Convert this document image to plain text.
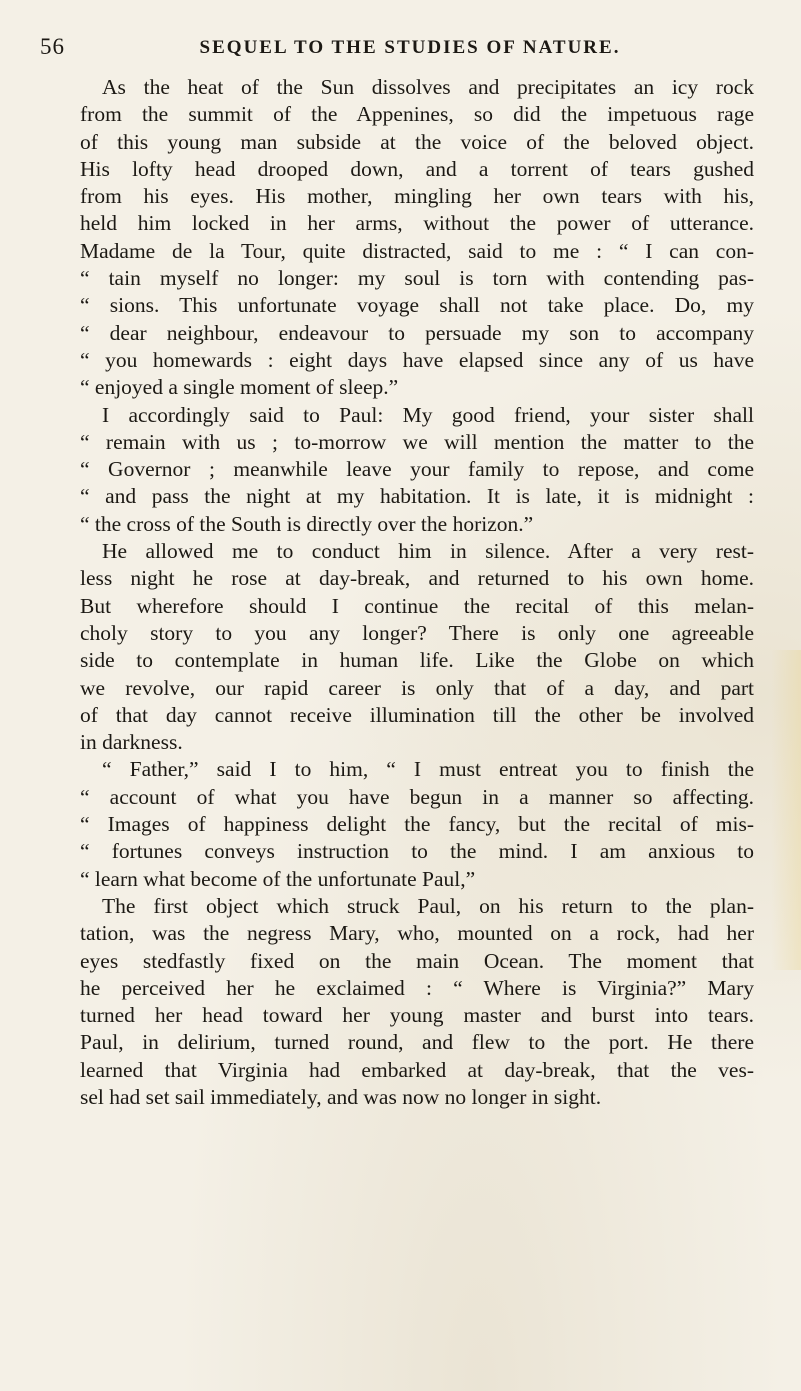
56	SEQUEL TO THE STUDIES OF NATURE.
As the heat of the Sun dissolves and precipitates an icy rock
from the summit of the Appenines, so did the impetuous rage
of this young man subside at the voice of the beloved object.
His lofty head drooped down, and a torrent of tears gushed
from his eyes. His mother, mingling her own tears with his,
held him locked in her arms, without the power of utterance.
Madame de la Tour, quite distracted, said to me : “ I can con-
“ tain myself no longer: my soul is torn with contending pas-
“ sions. This unfortunate voyage shall not take place. Do, my
“ dear neighbour, endeavour to persuade my son to accompany
“ you homewards : eight days have elapsed since any of us have
“ enjoyed a single moment of sleep.”
I accordingly said to Paul: My good friend, your sister shall
“ remain with us ; to-morrow we will mention the matter to the
“ Governor ; meanwhile leave your family to repose, and come
“ and pass the night at my habitation. It is late, it is midnight :
“ the cross of the South is directly over the horizon.”
He allowed me to conduct him in silence. After a very rest-
less night he rose at day-break, and returned to his own home.
But wherefore should I continue the recital of this melan-
choly story to you any longer? There is only one agreeable
side to contemplate in human life. Like the Globe on which
we revolve, our rapid career is only that of a day, and part
of that day cannot receive illumination till the other be involved
in darkness.
“ Father,” said I to him, “ I must entreat you to finish the
“ account of what you have begun in a manner so affecting.
“ Images of happiness delight the fancy, but the recital of mis-
“ fortunes conveys instruction to the mind. I am anxious to
“ learn what become of the unfortunate Paul,”
The first object which struck Paul, on his return to the plan-
tation, was the negress Mary, who, mounted on a rock, had her
eyes stedfastly fixed on the main Ocean. The moment that
he perceived her he exclaimed : “ Where is Virginia?” Mary
turned her head toward her young master and burst into tears.
Paul, in delirium, turned round, and flew to the port. He there
learned that Virginia had embarked at day-break, that the ves-
sel had set sail immediately, and was now no longer in sight.
